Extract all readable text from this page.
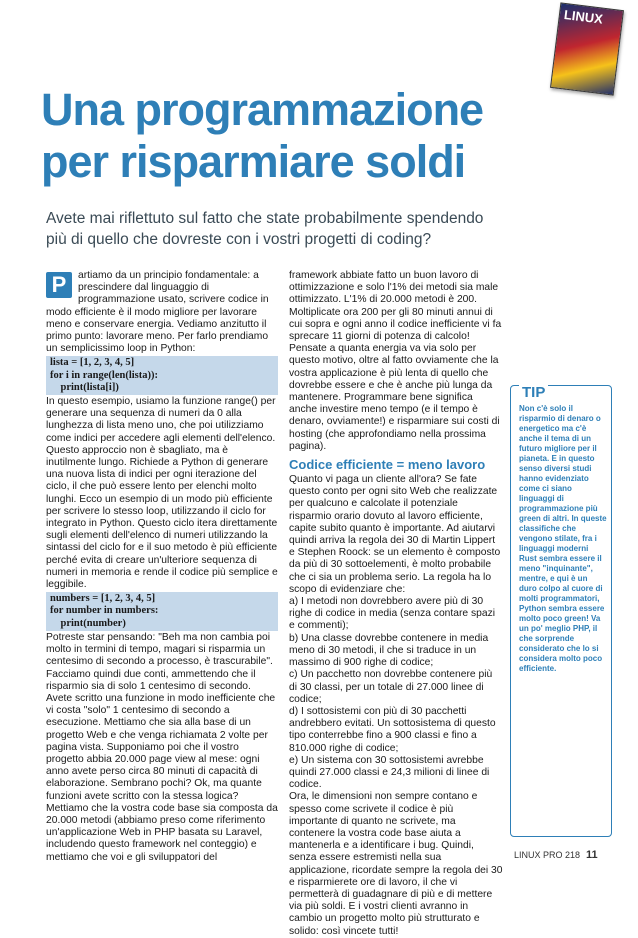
LINUX
Una programmazione
per risparmiare soldi
Avete mai riflettuto sul fatto che state probabilmente spendendo più di quello che dovreste con i vostri progetti di coding?
P	artiamo da un principio fondamentale: a prescindere dal linguaggio di programmazione usato, scrivere codice in modo efficiente è il modo migliore per lavorare meno e conservare energia. Vediamo anzitutto il primo punto: lavorare meno. Per farlo prendiamo un semplicissimo loop in Python:

lista = [1, 2, 3, 4, 5]
for i in range(len(lista)):
print(lista[i])

In questo esempio, usiamo la funzione range() per generare una sequenza di numeri da 0 alla lunghezza di lista meno uno, che poi utilizziamo come indici per accedere agli elementi dell'elenco. Questo approccio non è sbagliato, ma è inutilmente lungo. Richiede a Python di generare una nuova lista di indici per ogni iterazione del ciclo, il che può essere lento per elenchi molto lunghi. Ecco un esempio di un modo più efficiente per scrivere lo stesso loop, utilizzando il ciclo for integrato in Python. Questo ciclo itera direttamente sugli elementi dell'elenco di numeri utilizzando la sintassi del ciclo for e il suo metodo è più efficiente perché evita di creare un'ulteriore sequenza di numeri in memoria e rende il codice più semplice e leggibile.

numbers = [1, 2, 3, 4, 5]
for number in numbers:
print(number)

Potreste star pensando: "Beh ma non cambia poi molto in termini di tempo, magari si risparmia un centesimo di secondo a processo, è trascurabile". Facciamo quindi due conti, ammettendo che il risparmio sia di solo 1 centesimo di secondo. Avete scritto una funzione in modo inefficiente che vi costa "solo" 1 centesimo di secondo a esecuzione. Mettiamo che sia alla base di un progetto Web e che venga richiamata 2 volte per pagina vista. Supponiamo poi che il vostro progetto abbia 20.000 page view al mese: ogni anno avete perso circa 80 minuti di capacità di elaborazione. Sembrano pochi? Ok, ma quante funzioni avete scritto con la stessa logica? Mettiamo che la vostra code base sia composta da 20.000 metodi (abbiamo preso come riferimento un'applicazione Web in PHP basata su Laravel, includendo questo framework nel conteggio) e mettiamo che voi e gli sviluppatori del

framework abbiate fatto un buon lavoro di ottimizzazione e solo l'1% dei metodi sia male ottimizzato. L'1% di 20.000 metodi è 200. Moltiplicate ora 200 per gli 80 minuti annui di cui sopra e ogni anno il codice inefficiente vi fa sprecare 11 giorni di potenza di calcolo! Pensate a quanta energia va via solo per questo motivo, oltre al fatto ovviamente che la vostra applicazione è più lenta di quello che dovrebbe essere e che è anche più lunga da mantenere. Programmare bene significa anche investire meno tempo (e il tempo è denaro, ovviamente!) e risparmiare sui costi di hosting (che approfondiamo nella prossima pagina).

Codice efficiente = meno lavoro

Quanto vi paga un cliente all'ora? Se fate questo conto per ogni sito Web che realizzate per qualcuno e calcolate il potenziale risparmio orario dovuto al lavoro efficiente, capite subito quanto è importante. Ad aiutarvi quindi arriva la regola dei 30 di Martin Lippert e Stephen Roock: se un elemento è composto da più di 30 sottoelementi, è molto probabile che ci sia un problema serio. La regola ha lo scopo di evidenziare che:

a) I metodi non dovrebbero avere più di 30 righe di codice in media (senza contare spazi e commenti);

b) Una classe dovrebbe contenere in media meno di 30 metodi, il che si traduce in un massimo di 900 righe di codice;

c) Un pacchetto non dovrebbe contenere più di 30 classi, per un totale di 27.000 linee di codice;

d) I sottosistemi con più di 30 pacchetti andrebbero evitati. Un sottosistema di questo tipo conterrebbe fino a 900 classi e fino a 810.000 righe di codice;

e) Un sistema con 30 sottosistemi avrebbe quindi 27.000 classi e 24,3 milioni di linee di codice.

Ora, le dimensioni non sempre contano e spesso come scrivete il codice è più importante di quanto ne scrivete, ma contenere la vostra code base aiuta a mantenerla e a identificare i bug. Quindi, senza essere estremisti nella sua applicazione, ricordate sempre la regola dei 30 e risparmierete ore di lavoro, il che vi permetterà di guadagnare di più e di mettere via più soldi. E i vostri clienti avranno in cambio un progetto molto più strutturato e solido: così vincete tutti!

TIP
Non c'è solo il risparmio di denaro o energetico ma c'è anche il tema di un futuro migliore per il pianeta. E in questo senso diversi studi hanno evidenziato come ci siano linguaggi di programmazione più green di altri. In queste classifiche che vengono stilate, fra i linguaggi moderni Rust sembra essere il meno "inquinante", mentre, e qui è un duro colpo al cuore di molti programmatori, Python sembra essere molto poco green! Va un po' meglio PHP, il che sorprende considerato che lo si considera molto poco efficiente.
LINUX PRO 218 11
